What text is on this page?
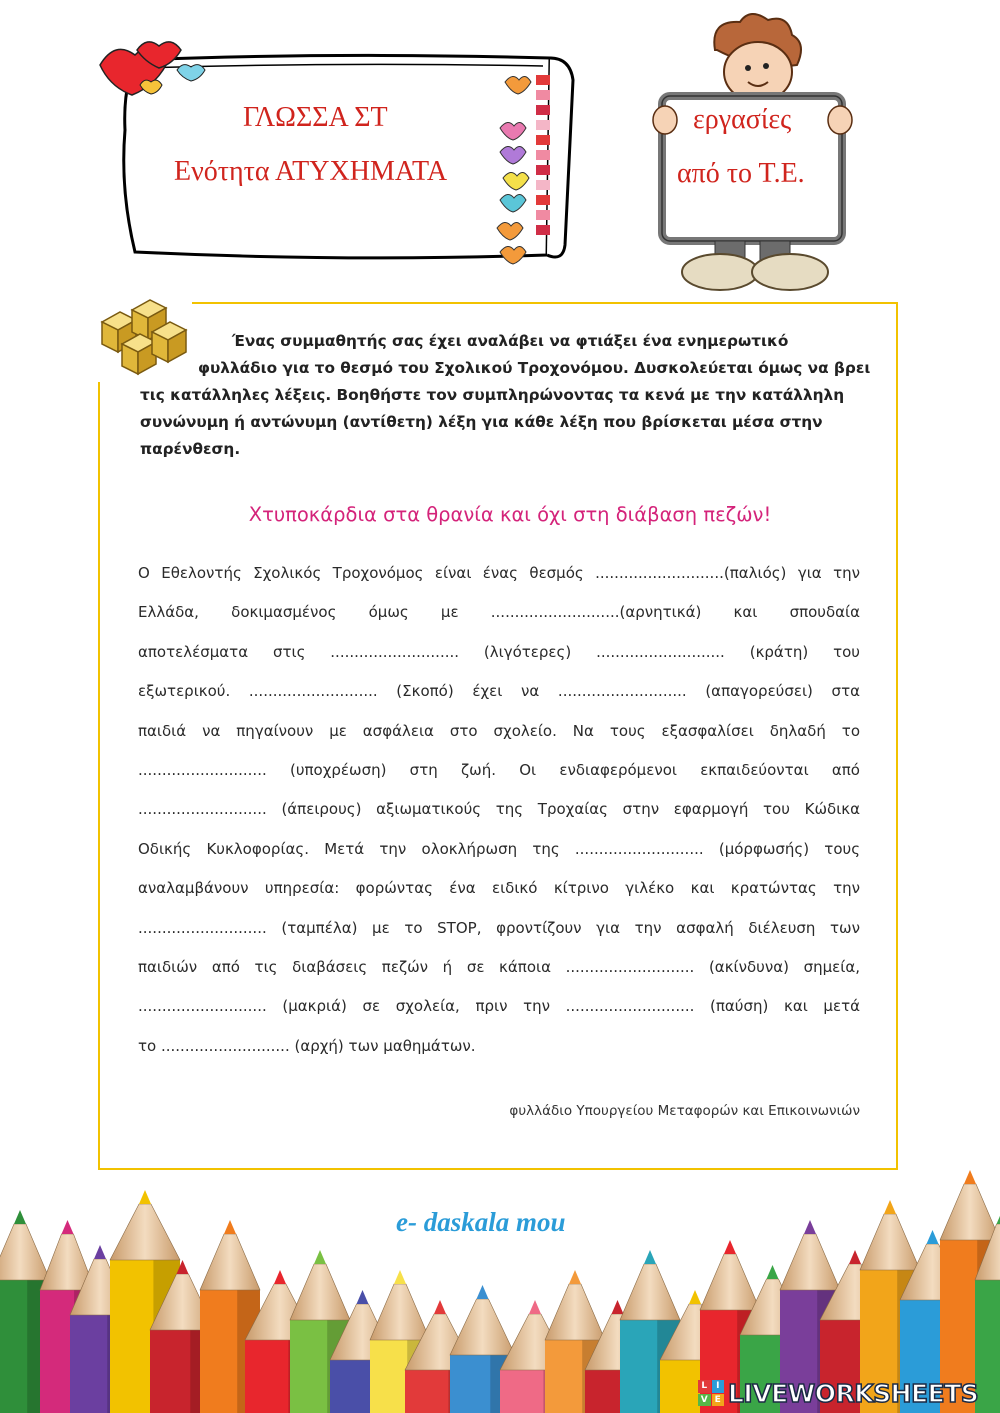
ΓΛΩΣΣΑ ΣΤ
Ενότητα ΑΤΥΧΗΜΑΤΑ
εργασίες
από το Τ.Ε.
Ένας συμμαθητής σας έχει αναλάβει να φτιάξει ένα ενημερωτικό
φυλλάδιο για το θεσμό του Σχολικού Τροχονόμου. Δυσκολεύεται όμως να βρει
τις κατάλληλες λέξεις. Βοηθήστε τον συμπληρώνοντας τα κενά με την κατάλληλη
συνώνυμη ή αντώνυμη (αντίθετη) λέξη για κάθε λέξη που βρίσκεται μέσα στην
παρένθεση.
Χτυποκάρδια στα θρανία και όχι στη διάβαση πεζών!
Ο Εθελοντής Σχολικός Τροχονόμος είναι ένας θεσμός ...........................(παλιός) για την
Ελλάδα, δοκιμασμένος όμως με ...........................(αρνητικά) και σπουδαία
αποτελέσματα στις ........................... (λιγότερες) ........................... (κράτη) του
εξωτερικού. ........................... (Σκοπό) έχει να ........................... (απαγορεύσει) στα
παιδιά να πηγαίνουν με ασφάλεια στο σχολείο. Να τους εξασφαλίσει δηλαδή το
........................... (υποχρέωση) στη ζωή. Οι ενδιαφερόμενοι εκπαιδεύονται από
........................... (άπειρους) αξιωματικούς της Τροχαίας στην εφαρμογή του Κώδικα
Οδικής Κυκλοφορίας. Μετά την ολοκλήρωση της ........................... (μόρφωσής) τους
αναλαμβάνουν υπηρεσία: φορώντας ένα ειδικό κίτρινο γιλέκο και κρατώντας την
........................... (ταμπέλα) με το STOP, φροντίζουν για την ασφαλή διέλευση των
παιδιών από τις διαβάσεις πεζών ή σε κάποια ........................... (ακίνδυνα) σημεία,
........................... (μακριά) σε σχολεία, πριν την ........................... (παύση) και μετά
το ........................... (αρχή) των μαθημάτων.
φυλλάδιο Υπουργείου Μεταφορών και Επικοινωνιών
e- daskala mou
L I
V E LIVEWORKSHEETS
